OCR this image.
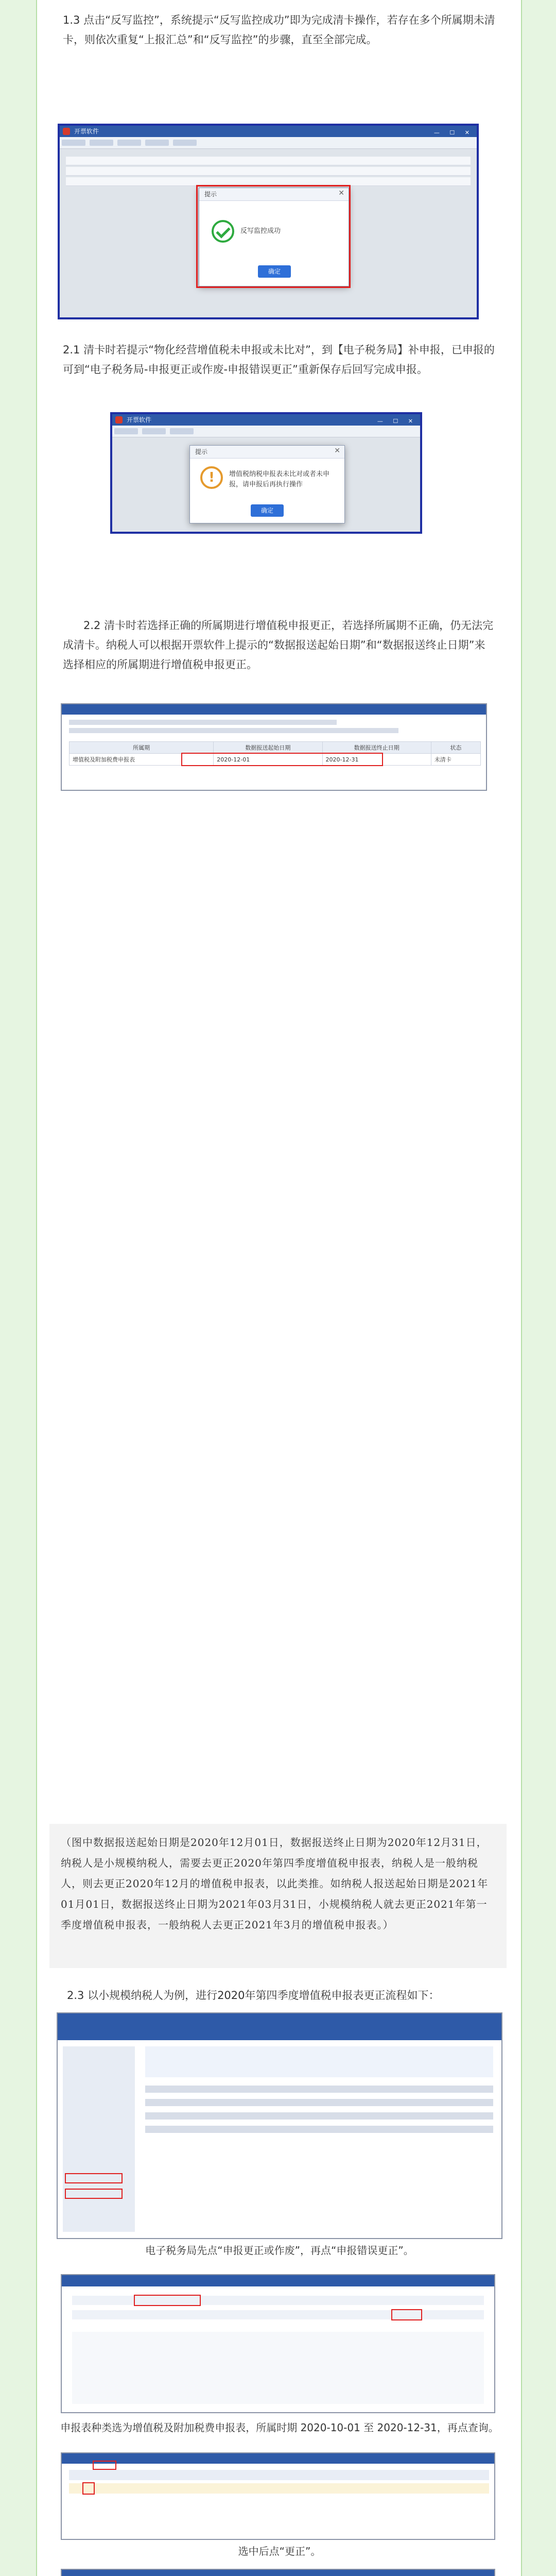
1.3 点击“反写监控”，系统提示“反写监控成功”即为完成清卡操作，若存在多个所属期未清卡，则依次重复“上报汇总”和“反写监控”的步骤，直至全部完成。
开票软件	— ☐ ✕
提示	✕
反写监控成功
确定
2.1 清卡时若提示“物化经营增值税未申报或未比对”，到【电子税务局】补申报，已申报的可到“电子税务局-申报更正或作废-申报错误更正”重新保存后回写完成申报。
开票软件	— ☐ ✕
提示	✕
!	增值税纳税申报表未比对或者未申报，请申报后再执行操作
确定
2.2 清卡时若选择正确的所属期进行增值税申报更正，若选择所属期不正确，仍无法完成清卡。纳税人可以根据开票软件上提示的“数据报送起始日期”和“数据报送终止日期”来选择相应的所属期进行增值税申报更正。
所属期	数据报送起始日期	数据报送终止日期	状态
增值税及附加税费申报表	2020-12-01	2020-12-31	未清卡

（图中数据报送起始日期是2020年12月01日，数据报送终止日期为2020年12月31日，纳税人是小规模纳税人，需要去更正2020年第四季度增值税申报表，纳税人是一般纳税人，则去更正2020年12月的增值税申报表，以此类推。如纳税人报送起始日期是2021年01月01日，数据报送终止日期为2021年03月31日，小规模纳税人就去更正2021年第一季度增值税申报表，一般纳税人去更正2021年3月的增值税申报表。）

2.3 以小规模纳税人为例，进行2020年第四季度增值税申报表更正流程如下：
电子税务局先点“申报更正或作废”，再点“申报错误更正”。
申报表种类选为增值税及附加税费申报表，所属时期 2020-10-01 至 2020-12-31，再点查询。
选中后点“更正”。
